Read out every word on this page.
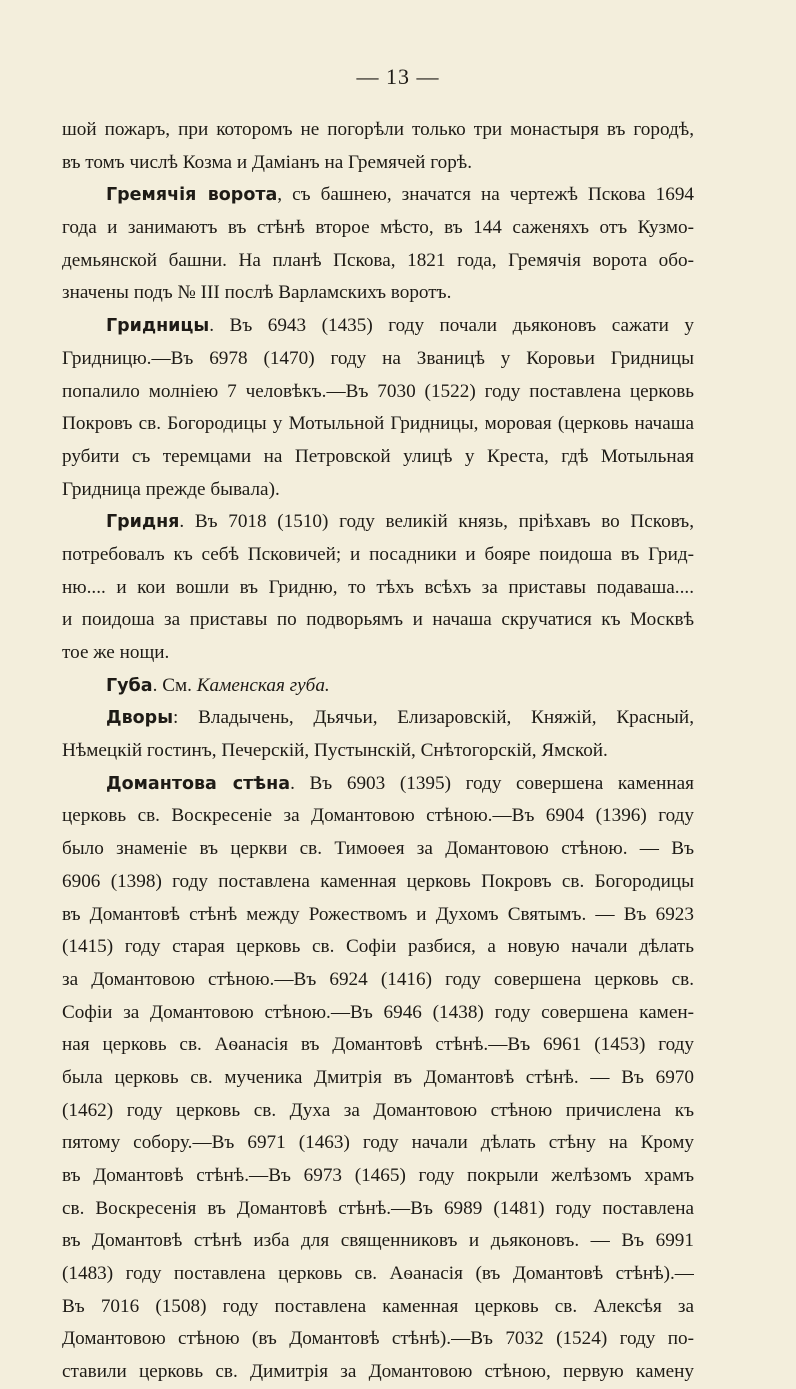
— 13 —
шой пожаръ, при которомъ не погорѣли только три монастыря въ городѣ,
въ томъ числѣ Козма и Даміанъ на Гремячей горѣ.
Гремячія ворота, съ башнею, значатся на чертежѣ Пскова 1694
года и занимаютъ въ стѣнѣ второе мѣсто, въ 144 саженяхъ отъ Кузмо-
демьянской башни. На планѣ Пскова, 1821 года, Гремячія ворота обо-
значены подъ № III послѣ Варламскихъ воротъ.
Гридницы. Въ 6943 (1435) году почали дьяконовъ сажати у
Гридницю.—Въ 6978 (1470) году на Званицѣ у Коровьи Гридницы
попалило молніею 7 человѣкъ.—Въ 7030 (1522) году поставлена церковь
Покровъ св. Богородицы у Мотыльной Гридницы, моровая (церковь начаша
рубити съ теремцами на Петровской улицѣ у Креста, гдѣ Мотыльная
Гридница прежде бывала).
Гридня. Въ 7018 (1510) году великій князь, пріѣхавъ во Псковъ,
потребовалъ къ себѣ Псковичей; и посадники и бояре поидоша въ Грид-
ню.... и кои вошли въ Гридню, то тѣхъ всѣхъ за приставы подаваша....
и поидоша за приставы по подворьямъ и начаша скручатися къ Москвѣ
тое же нощи.
Губа. См. Каменская губа.
Дворы: Владычень, Дьячьи, Елизаровскій, Княжій, Красный,
Нѣмецкій гостинъ, Печерскій, Пустынскій, Снѣтогорскій, Ямской.
Домантова стѣна. Въ 6903 (1395) году совершена каменная
церковь св. Воскресеніе за Домантовою стѣною.—Въ 6904 (1396) году
было знаменіе въ церкви св. Тимоѳея за Домантовою стѣною. — Въ
6906 (1398) году поставлена каменная церковь Покровъ св. Богородицы
въ Домантовѣ стѣнѣ между Рожествомъ и Духомъ Святымъ. — Въ 6923
(1415) году старая церковь св. Софіи разбися, а новую начали дѣлать
за Домантовою стѣною.—Въ 6924 (1416) году совершена церковь св.
Софіи за Домантовою стѣною.—Въ 6946 (1438) году совершена камен-
ная церковь св. Аѳанасія въ Домантовѣ стѣнѣ.—Въ 6961 (1453) году
была церковь св. мученика Дмитрія въ Домантовѣ стѣнѣ. — Въ 6970
(1462) году церковь св. Духа за Домантовою стѣною причислена къ
пятому собору.—Въ 6971 (1463) году начали дѣлать стѣну на Крому
въ Домантовѣ стѣнѣ.—Въ 6973 (1465) году покрыли желѣзомъ храмъ
св. Воскресенія въ Домантовѣ стѣнѣ.—Въ 6989 (1481) году поставлена
въ Домантовѣ стѣнѣ изба для священниковъ и дьяконовъ. — Въ 6991
(1483) году поставлена церковь св. Аѳанасія (въ Домантовѣ стѣнѣ).—
Въ 7016 (1508) году поставлена каменная церковь св. Алексѣя за
Домантовою стѣною (въ Домантовѣ стѣнѣ).—Въ 7032 (1524) году по-
ставили церковь св. Димитрія за Домантовою стѣною, первую камену
